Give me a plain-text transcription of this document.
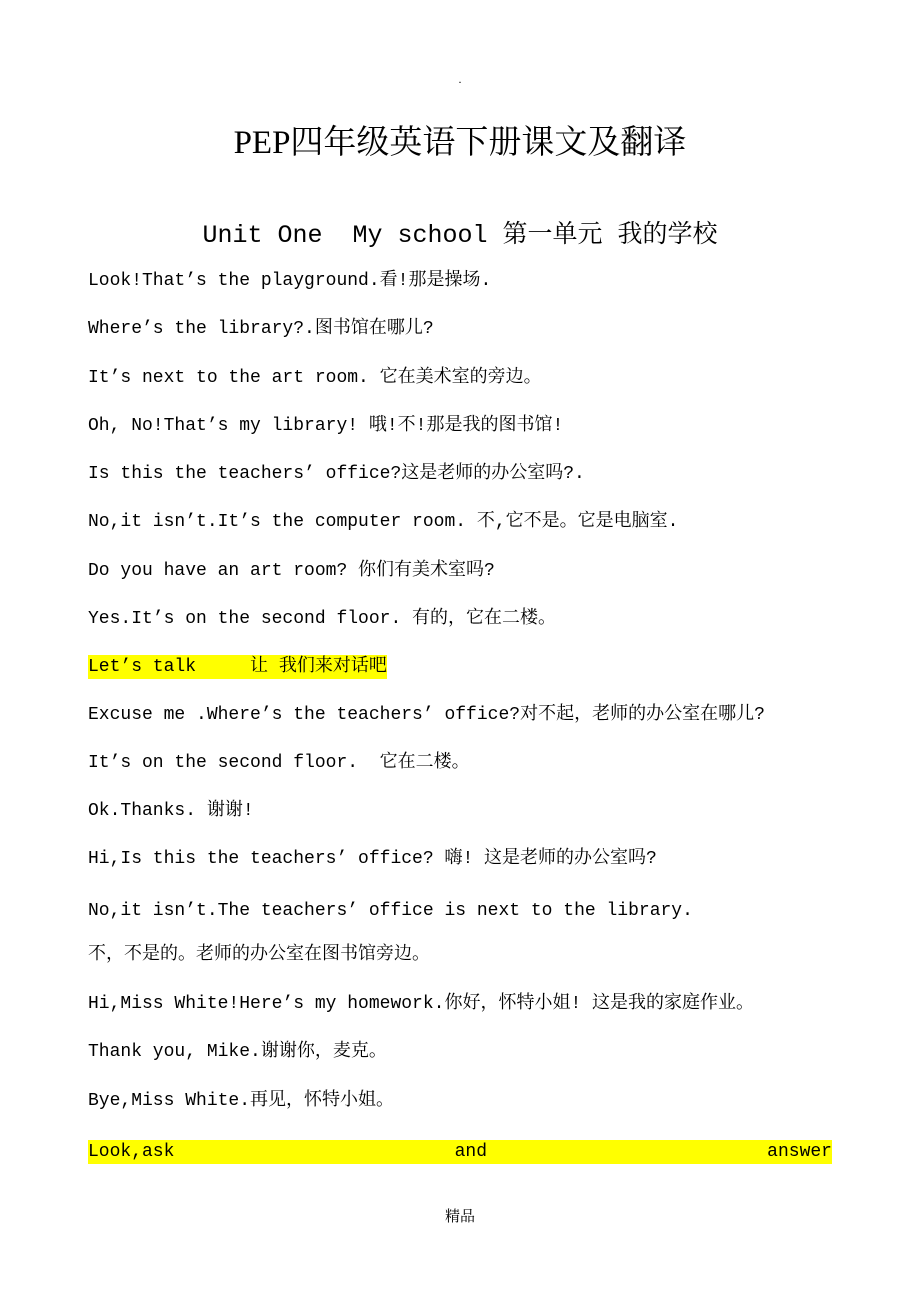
.
PEP四年级英语下册课文及翻译
Unit One  My school 第一单元 我的学校
Look!That’s the playground.看!那是操场.
Where’s the library?.图书馆在哪儿?
It’s next to the art room. 它在美术室的旁边。
Oh, No!That’s my library! 哦!不!那是我的图书馆!
Is this the teachers’ office?这是老师的办公室吗?.
No,it isn’t.It’s the computer room. 不,它不是。它是电脑室.
Do you have an art room? 你们有美术室吗?
Yes.It’s on the second floor. 有的，它在二楼。
Let’s talk     让 我们来对话吧
Excuse me .Where’s the teachers’ office?对不起，老师的办公室在哪儿?
It’s on the second floor.  它在二楼。
Ok.Thanks. 谢谢!
Hi,Is this the teachers’ office? 嗨! 这是老师的办公室吗?
No,it isn’t.The teachers’ office is next to the library.
不，不是的。老师的办公室在图书馆旁边。
Hi,Miss White!Here’s my homework.你好，怀特小姐! 这是我的家庭作业。
Thank you, Mike.谢谢你，麦克。
Bye,Miss White.再见，怀特小姐。
Look,ask	and	answer
精品
